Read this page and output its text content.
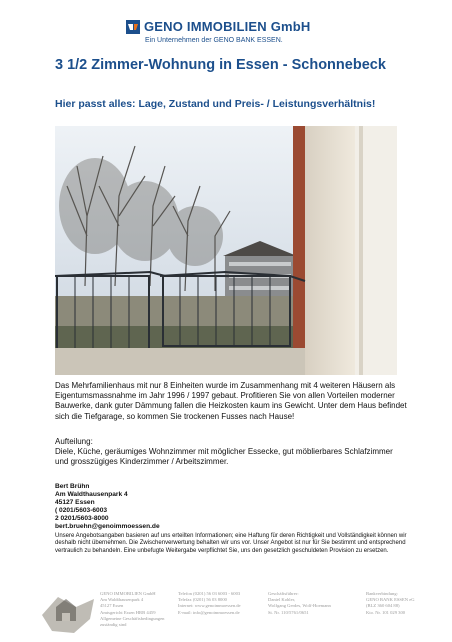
GENO IMMOBILIEN GmbH
Ein Unternehmen der GENO BANK ESSEN.
3 1/2 Zimmer-Wohnung in Essen - Schonnebeck
Hier passt alles: Lage, Zustand und Preis- / Leistungsverhältnis!
Das Mehrfamilienhaus mit nur 8 Einheiten wurde im Zusammenhang mit 4 weiteren Häusern als Eigentumsmassnahme im Jahr 1996 / 1997 gebaut. Profitieren Sie von allen Vorteilen moderner Bauwerke, dank guter Dämmung fallen die Heizkosten kaum ins Gewicht. Unter dem Haus befindet sich die Tiefgarage, so kommen Sie trockenen Fusses nach Hause!
Aufteilung:
Diele, Küche, geräumiges Wohnzimmer mit möglicher Essecke, gut möblierbares Schlafzimmer und grosszügiges Kinderzimmer / Arbeitszimmer.
Bert Brühn
Am Waldthausenpark 4
45127 Essen
( 0201/5603-6003
2 0201/5603-8000
bert.bruehn@genoimmoessen.de
Unsere Angebotsangaben basieren auf uns erteilten Informationen; eine Haftung für deren Richtigkeit und Vollständigkeit können wir deshalb nicht übernehmen. Die Zwischenverwertung behalten wir uns vor. Unser Angebot ist nur für Sie bestimmt und entsprechend vertraulich zu behandeln. Eine unbefugte Weitergabe verpflichtet Sie, uns den gesetzlich geschuldeten Provision zu ersetzen.
GENO IMMOBILIEN GmbH
Am Waldthausenpark 4
45127 Essen
Amtsgericht Essen HRB 4459
Allgemeine Geschäftsbedingungen
zuständig sind
Telefon (0201) 56 03 6003 - 6003
Telefax (0201) 56 03 8000
Internet: www.genoimmoessen.de
E-mail: info@genoimmoessen.de
Geschäftsführer:
Daniel Kohler,
Wolfgang Gerdes, Wolf-Hoemann
St. Nr. 110/5761/0651
Bankverbindung:
GENO BANK ESSEN eG
(BLZ 360 604 88)
Kto. Nr. 101 029 300
